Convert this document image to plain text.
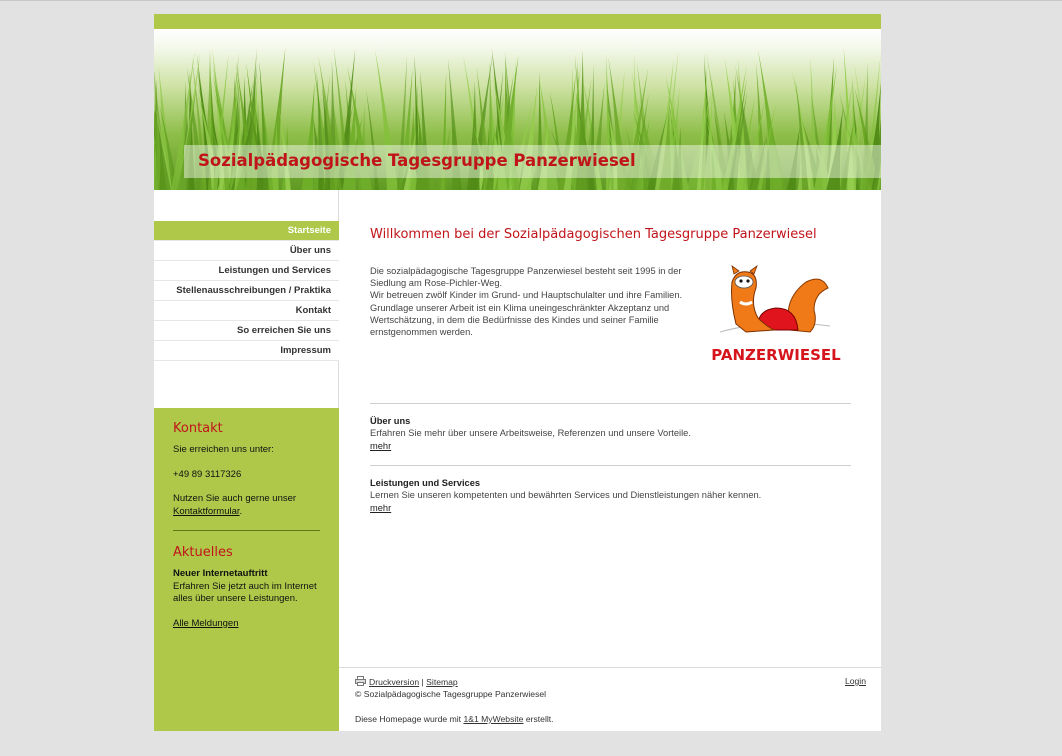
Sozialpädagogische Tagesgruppe Panzerwiesel
Startseite
Über uns
Leistungen und Services
Stellenausschreibungen / Praktika
Kontakt
So erreichen Sie uns
Impressum
Kontakt

Sie erreichen uns unter:

+49 89 3117326

Nutzen Sie auch gerne unser
Kontaktformular.

Aktuelles

Neuer Internetauftritt

Erfahren Sie jetzt auch im Internet alles über unsere Leistungen.

Alle Meldungen

Willkommen bei der Sozialpädagogischen Tagesgruppe Panzerwiesel

Die sozialpädagogische Tagesgruppe Panzerwiesel besteht seit 1995 in der Siedlung am Rose-Pichler-Weg.

Wir betreuen zwölf Kinder im Grund- und Hauptschulalter und ihre Familien.

Grundlage unserer Arbeit ist ein Klima uneingeschränkter Akzeptanz und Wertschätzung, in dem die Bedürfnisse des Kindes und seiner Familie ernstgenommen werden.

PANZERWIESEL
Über uns
Erfahren Sie mehr über unsere Arbeitsweise, Referenzen und unsere Vorteile.
mehr
Leistungen und Services
Lernen Sie unseren kompetenten und bewährten Services und Dienstleistungen näher kennen.
mehr
Druckversion | Sitemap
© Sozialpädagogische Tagesgruppe Panzerwiesel
Diese Homepage wurde mit 1&1 MyWebsite erstellt.
Login
